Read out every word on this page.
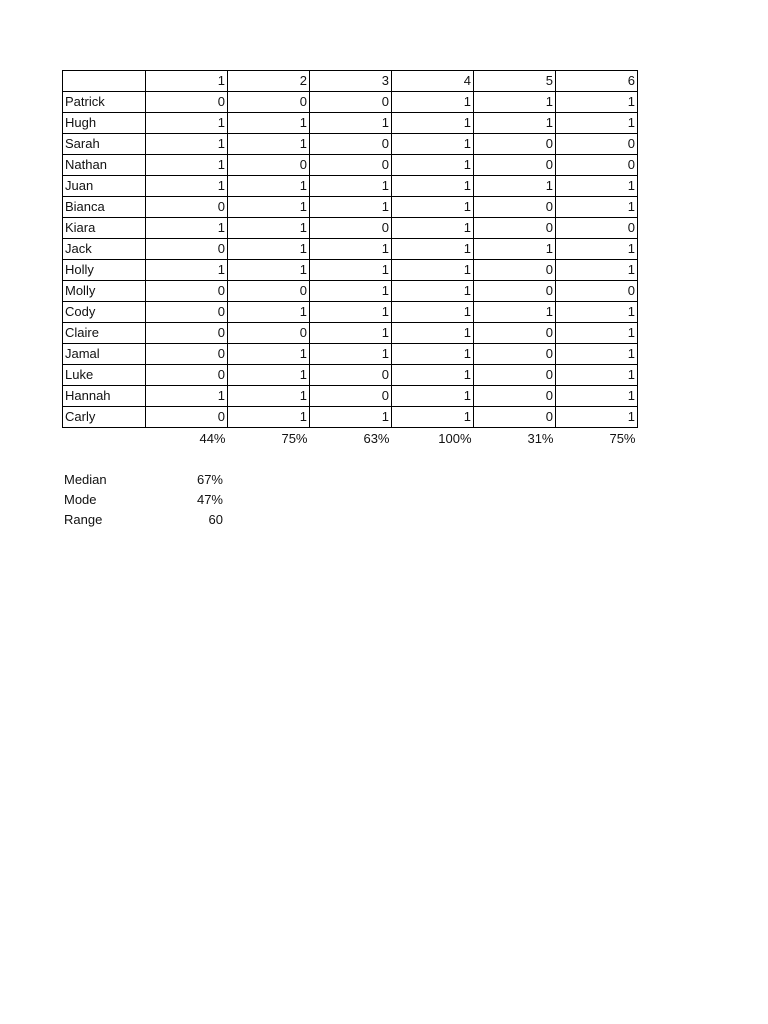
	1	2	3	4	5	6
Patrick	0	0	0	1	1	1
Hugh	1	1	1	1	1	1
Sarah	1	1	0	1	0	0
Nathan	1	0	0	1	0	0
Juan	1	1	1	1	1	1
Bianca	0	1	1	1	0	1
Kiara	1	1	0	1	0	0
Jack	0	1	1	1	1	1
Holly	1	1	1	1	0	1
Molly	0	0	1	1	0	0
Cody	0	1	1	1	1	1
Claire	0	0	1	1	0	1
Jamal	0	1	1	1	0	1
Luke	0	1	0	1	0	1
Hannah	1	1	0	1	0	1
Carly	0	1	1	1	0	1
	44%	75%	63%	100%	31%	75%
Median	67%
Mode	47%
Range	60
